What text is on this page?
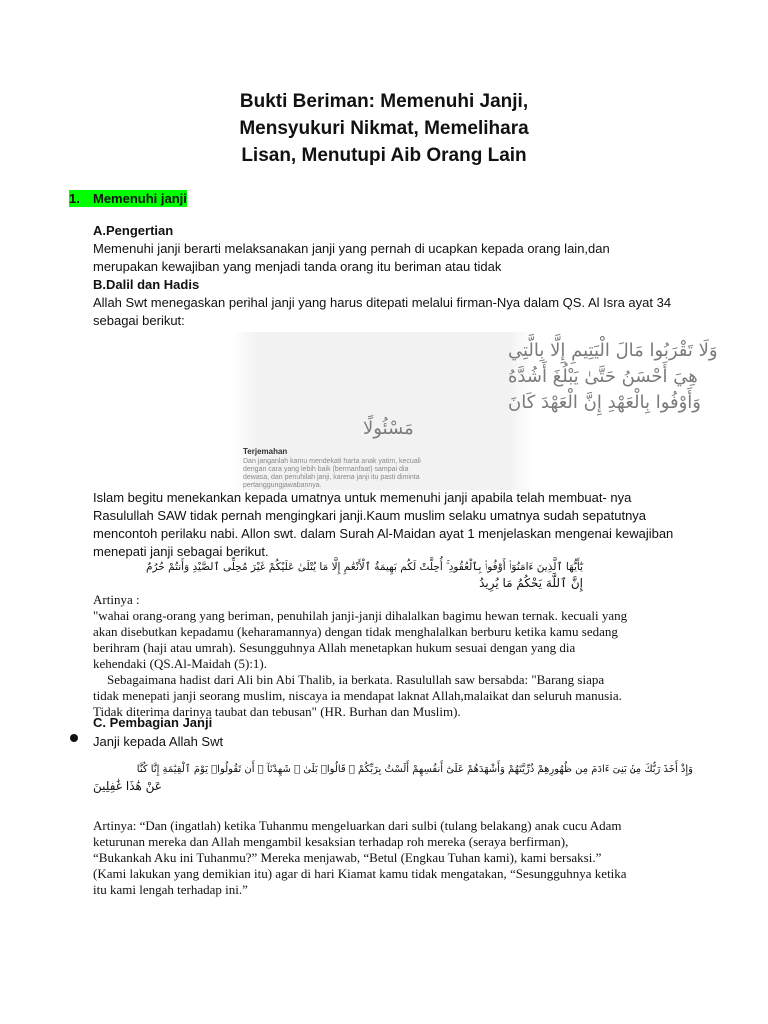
Bukti Beriman: Memenuhi Janji,
Mensyukuri Nikmat, Memelihara
Lisan, Menutupi Aib Orang Lain
1. Memenuhi janji

A.Pengertian

Memenuhi janji berarti melaksanakan janji yang pernah di ucapkan kepada orang lain,dan

merupakan kewajiban yang menjadi tanda orang itu beriman atau tidak

B.Dalil dan Hadis

Allah Swt menegaskan perihal janji yang harus ditepati melalui firman-Nya dalam QS. Al Isra ayat 34

sebagai berikut:

وَلَا تَقْرَبُوا مَالَ الْيَتِيمِ إِلَّا بِالَّتِي
هِيَ أَحْسَنُ حَتَّىٰ يَبْلُغَ أَشُدَّهُ
وَأَوْفُوا بِالْعَهْدِ إِنَّ الْعَهْدَ كَانَ
مَسْئُولًا
Terjemahan
Dan janganlah kamu mendekati harta anak yatim, kecuali
dengan cara yang lebih baik (bermanfaat) sampai dia
dewasa, dan penuhilah janji, karena janji itu pasti diminta
pertanggungjawabannya.

Islam begitu menekankan kepada umatnya untuk memenuhi janji apabila telah membuat- nya

Rasulullah SAW tidak pernah mengingkari janji.Kaum muslim selaku umatnya sudah sepatutnya

mencontoh perilaku nabi. Allon swt. dalam Surah Al-Maidan ayat 1 menjelaskan mengenai kewajiban

menepati janji sebagai berikut.

يَٰٓأَيُّهَا ٱلَّذِينَ ءَامَنُوٓا۟ أَوْفُوا۟ بِٱلْعُقُودِ ۚ أُحِلَّتْ لَكُم بَهِيمَةُ ٱلْأَنْعَٰمِ إِلَّا مَا يُتْلَىٰ عَلَيْكُمْ غَيْرَ مُحِلِّى ٱلصَّيْدِ وَأَنتُمْ حُرُمٌ

إِنَّ ٱللَّهَ يَحْكُمُ مَا يُرِيدُ

Artinya :

"wahai orang-orang yang beriman, penuhilah janji-janji dihalalkan bagimu hewan ternak. kecuali yang

akan disebutkan kepadamu (keharamannya) dengan tidak menghalalkan berburu ketika kamu sedang

berihram (haji atau umrah). Sesungguhnya Allah menetapkan hukum sesuai dengan yang dia

kehendaki (QS.Al-Maidah (5):1).

Sebagaimana hadist dari Ali bin Abi Thalib, ia berkata. Rasulullah saw bersabda: "Barang siapa

tidak menepati janji seorang muslim, niscaya ia mendapat laknat Allah,malaikat dan seluruh manusia.

Tidak diterima darinya taubat dan tebusan" (HR. Burhan dan Muslim).

C. Pembagian Janji

Janji kepada Allah Swt

وَإِذْ أَخَذَ رَبُّكَ مِنۢ بَنِىٓ ءَادَمَ مِن ظُهُورِهِمْ ذُرِّيَّتَهُمْ وَأَشْهَدَهُمْ عَلَىٰٓ أَنفُسِهِمْ أَلَسْتُ بِرَبِّكُمْ ۖ قَالُوا۟ بَلَىٰ ۛ شَهِدْنَآ ۛ أَن تَقُولُوا۟ يَوْمَ ٱلْقِيَٰمَةِ إِنَّا كُنَّا

عَنْ هَٰذَا غَٰفِلِينَ

Artinya: “Dan (ingatlah) ketika Tuhanmu mengeluarkan dari sulbi (tulang belakang) anak cucu Adam

keturunan mereka dan Allah mengambil kesaksian terhadap roh mereka (seraya berfirman),

“Bukankah Aku ini Tuhanmu?” Mereka menjawab, “Betul (Engkau Tuhan kami), kami bersaksi.”

(Kami lakukan yang demikian itu) agar di hari Kiamat kamu tidak mengatakan, “Sesungguhnya ketika

itu kami lengah terhadap ini.”
